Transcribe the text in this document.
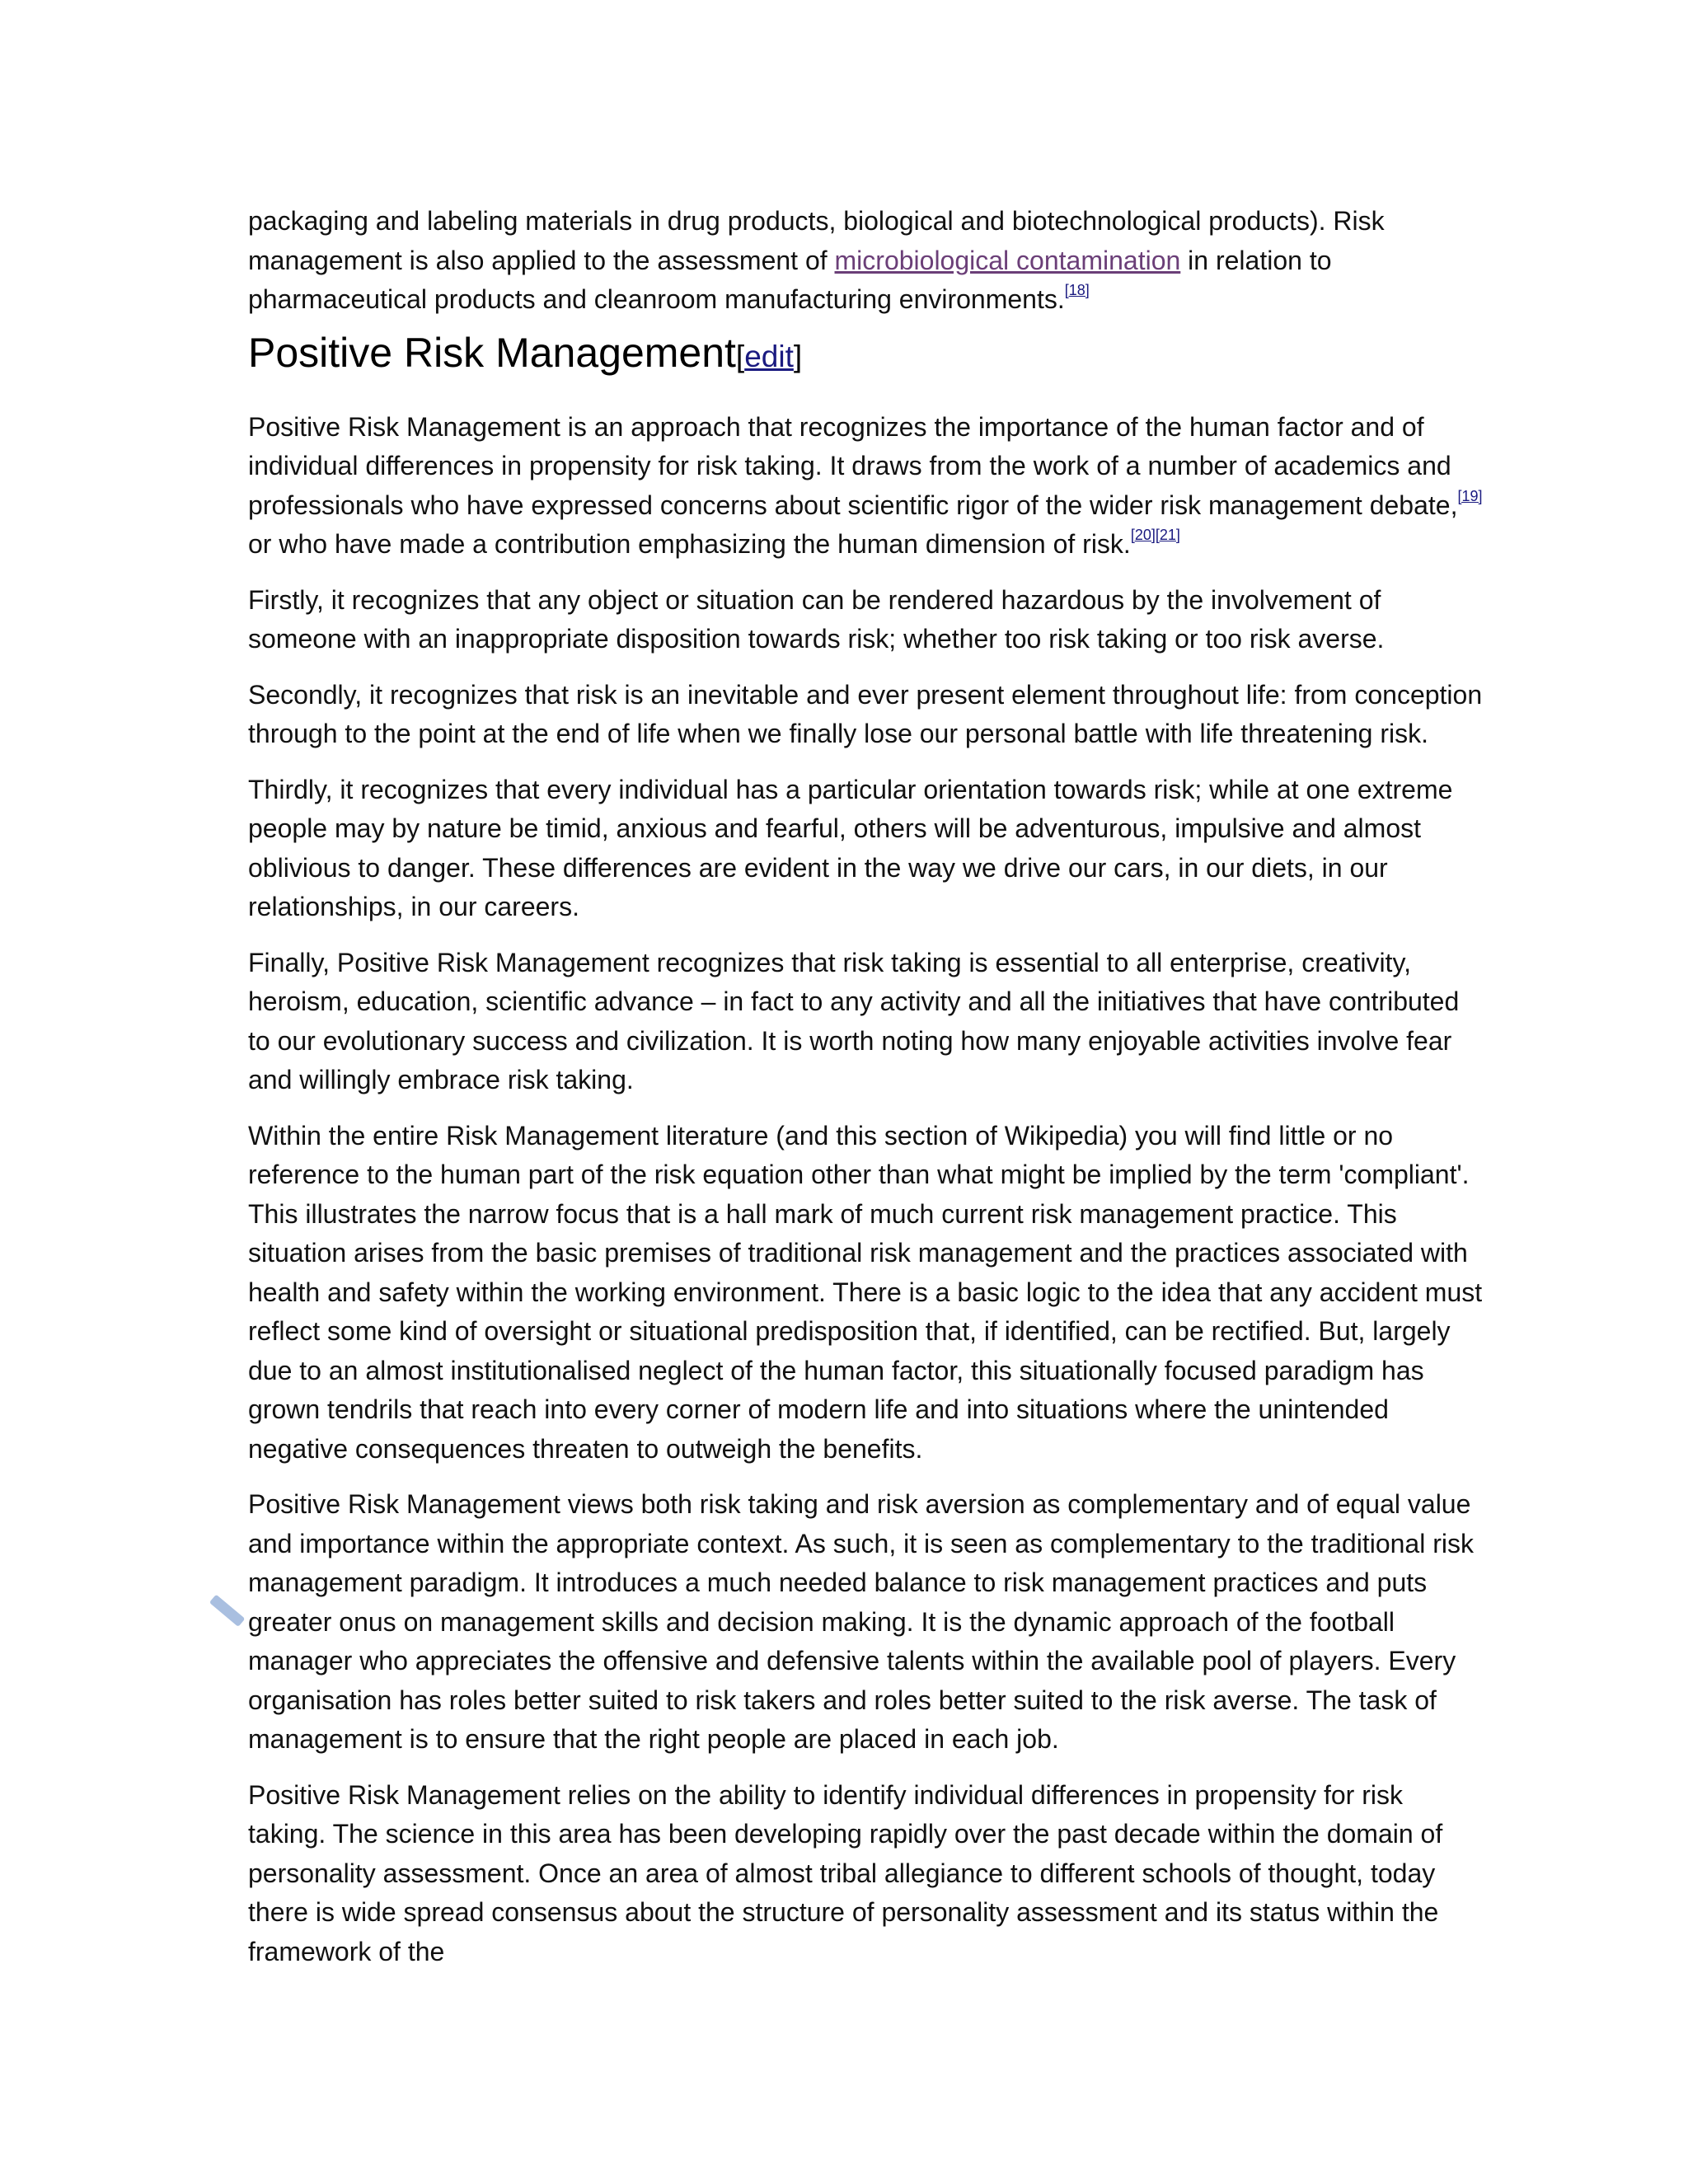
packaging and labeling materials in drug products, biological and biotechnological products). Risk management is also applied to the assessment of microbiological contamination in relation to pharmaceutical products and cleanroom manufacturing environments.[18]

Positive Risk Management[edit]

Positive Risk Management is an approach that recognizes the importance of the human factor and of individual differences in propensity for risk taking. It draws from the work of a number of academics and professionals who have expressed concerns about scientific rigor of the wider risk management debate,[19] or who have made a contribution emphasizing the human dimension of risk.[20][21]

Firstly, it recognizes that any object or situation can be rendered hazardous by the involvement of someone with an inappropriate disposition towards risk; whether too risk taking or too risk averse.

Secondly, it recognizes that risk is an inevitable and ever present element throughout life: from conception through to the point at the end of life when we finally lose our personal battle with life threatening risk.

Thirdly, it recognizes that every individual has a particular orientation towards risk; while at one extreme people may by nature be timid, anxious and fearful, others will be adventurous, impulsive and almost oblivious to danger. These differences are evident in the way we drive our cars, in our diets, in our relationships, in our careers.

Finally, Positive Risk Management recognizes that risk taking is essential to all enterprise, creativity, heroism, education, scientific advance – in fact to any activity and all the initiatives that have contributed to our evolutionary success and civilization. It is worth noting how many enjoyable activities involve fear and willingly embrace risk taking.

Within the entire Risk Management literature (and this section of Wikipedia) you will find little or no reference to the human part of the risk equation other than what might be implied by the term 'compliant'. This illustrates the narrow focus that is a hall mark of much current risk management practice. This situation arises from the basic premises of traditional risk management and the practices associated with health and safety within the working environment. There is a basic logic to the idea that any accident must reflect some kind of oversight or situational predisposition that, if identified, can be rectified. But, largely due to an almost institutionalised neglect of the human factor, this situationally focused paradigm has grown tendrils that reach into every corner of modern life and into situations where the unintended negative consequences threaten to outweigh the benefits.

Positive Risk Management views both risk taking and risk aversion as complementary and of equal value and importance within the appropriate context. As such, it is seen as complementary to the traditional risk management paradigm. It introduces a much needed balance to risk management practices and puts greater onus on management skills and decision making. It is the dynamic approach of the football manager who appreciates the offensive and defensive talents within the available pool of players. Every organisation has roles better suited to risk takers and roles better suited to the risk averse. The task of management is to ensure that the right people are placed in each job.

Positive Risk Management relies on the ability to identify individual differences in propensity for risk taking. The science in this area has been developing rapidly over the past decade within the domain of personality assessment. Once an area of almost tribal allegiance to different schools of thought, today there is wide spread consensus about the structure of personality assessment and its status within the framework of the
